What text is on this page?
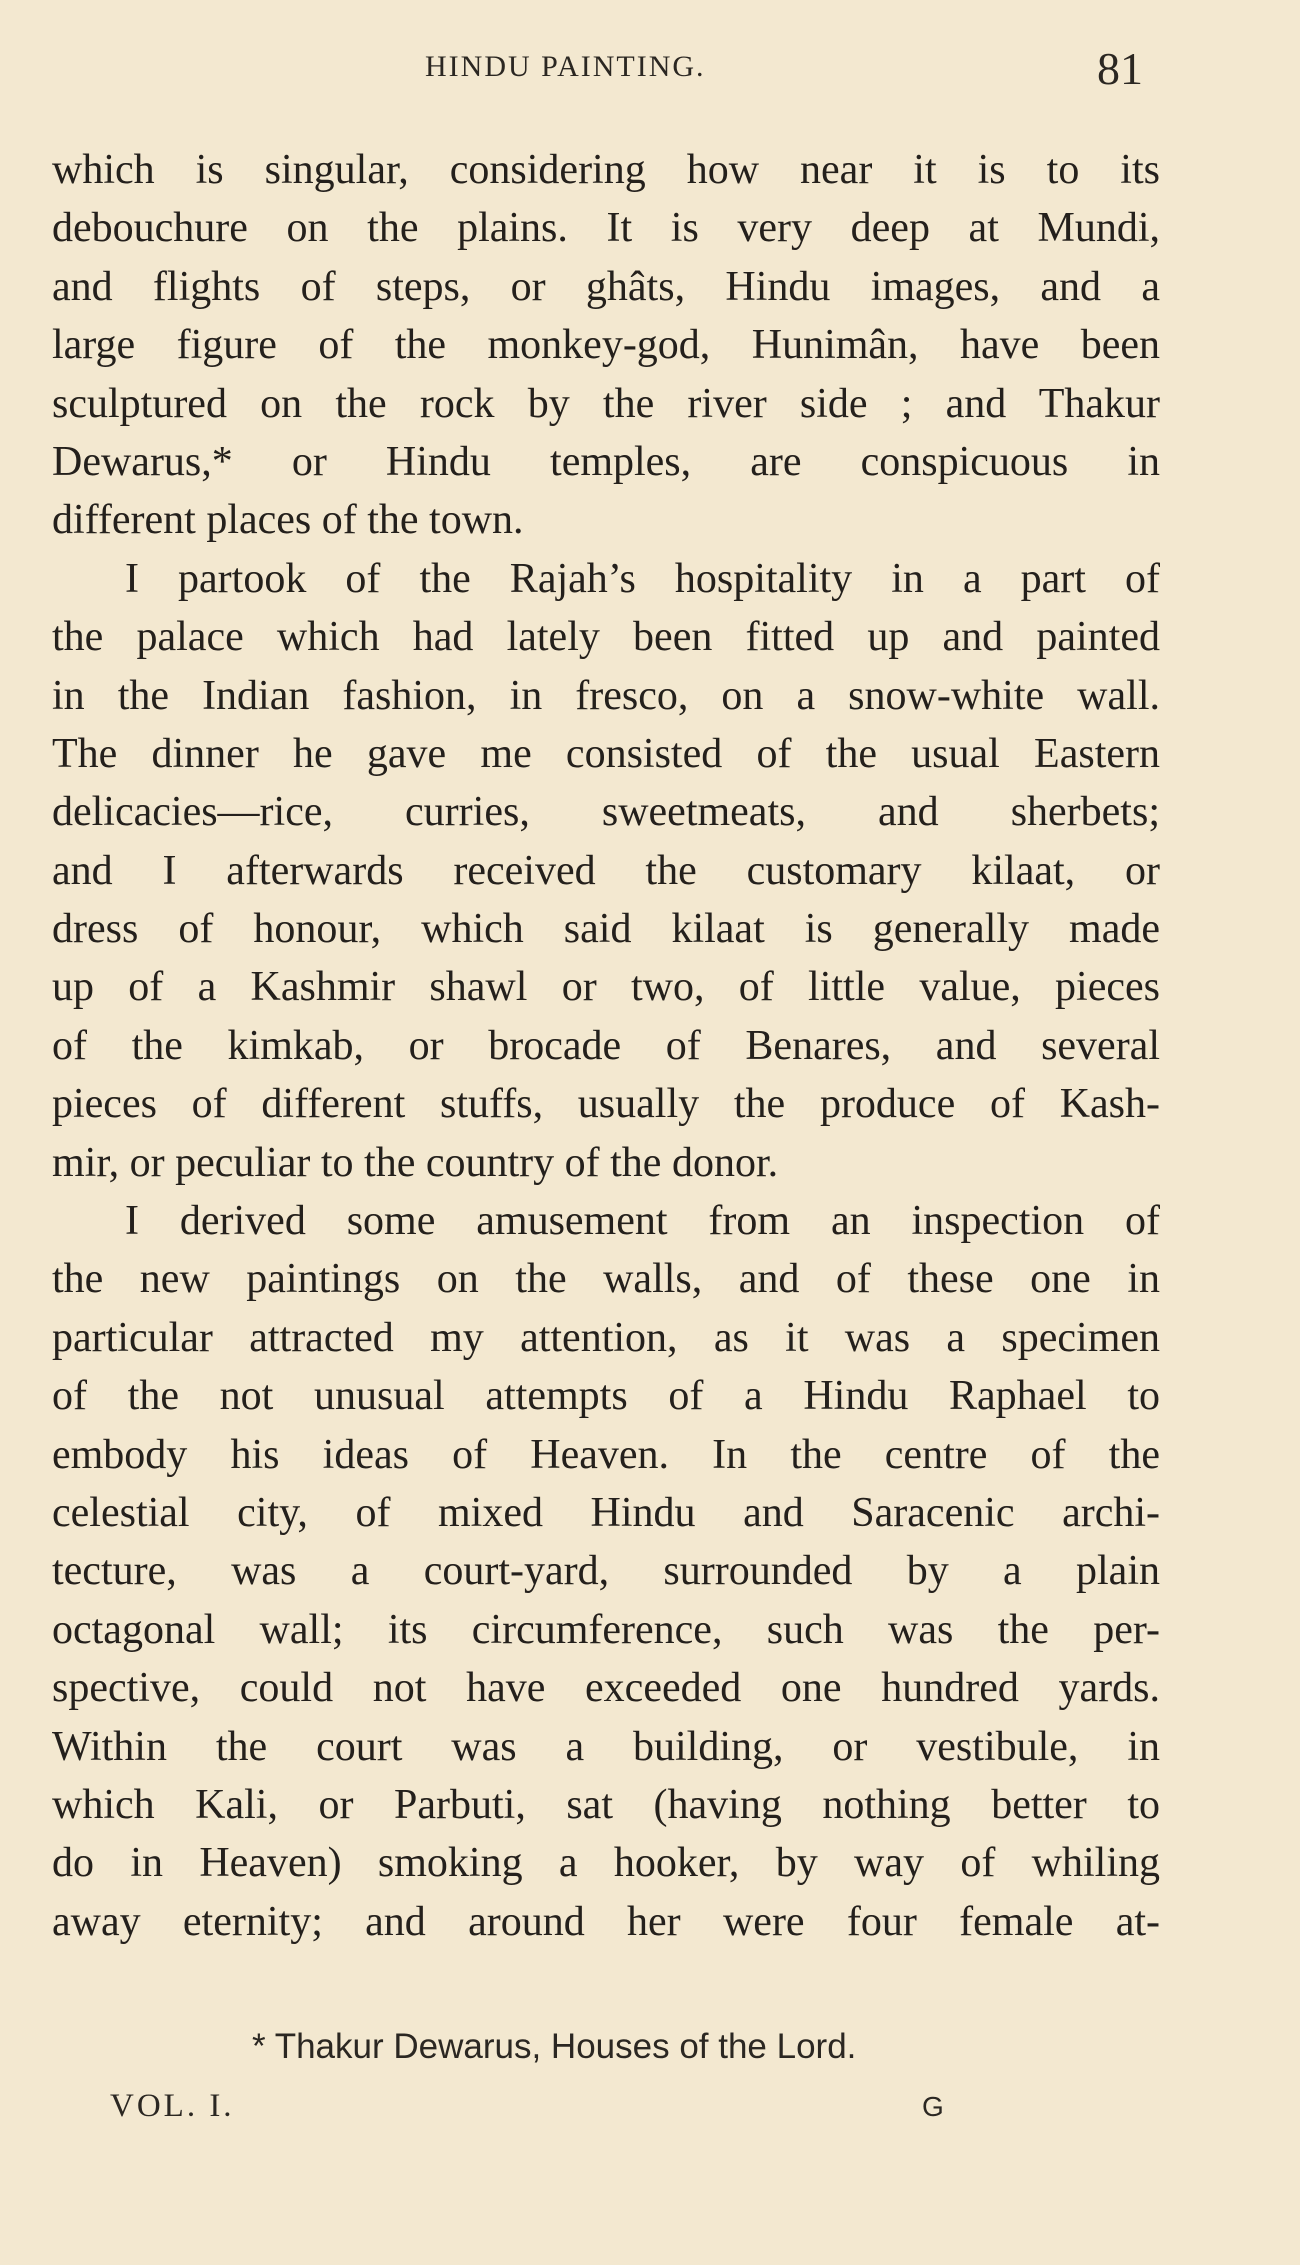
HINDU PAINTING.	81
which is singular, considering how near it is to its
debouchure on the plains. It is very deep at Mundi,
and flights of steps, or ghâts, Hindu images, and a
large figure of the monkey-god, Hunimân, have been
sculptured on the rock by the river side ; and Thakur
Dewarus,* or Hindu temples, are conspicuous in
different places of the town.
I partook of the Rajah’s hospitality in a part of
the palace which had lately been fitted up and painted
in the Indian fashion, in fresco, on a snow-white wall.
The dinner he gave me consisted of the usual Eastern
delicacies—rice, curries, sweetmeats, and sherbets;
and I afterwards received the customary kilaat, or
dress of honour, which said kilaat is generally made
up of a Kashmir shawl or two, of little value, pieces
of the kimkab, or brocade of Benares, and several
pieces of different stuffs, usually the produce of Kash-
mir, or peculiar to the country of the donor.
I derived some amusement from an inspection of
the new paintings on the walls, and of these one in
particular attracted my attention, as it was a specimen
of the not unusual attempts of a Hindu Raphael to
embody his ideas of Heaven. In the centre of the
celestial city, of mixed Hindu and Saracenic archi-
tecture, was a court-yard, surrounded by a plain
octagonal wall; its circumference, such was the per-
spective, could not have exceeded one hundred yards.
Within the court was a building, or vestibule, in
which Kali, or Parbuti, sat (having nothing better to
do in Heaven) smoking a hooker, by way of whiling
away eternity; and around her were four female at-
* Thakur Dewarus, Houses of the Lord.
VOL. I.	G
